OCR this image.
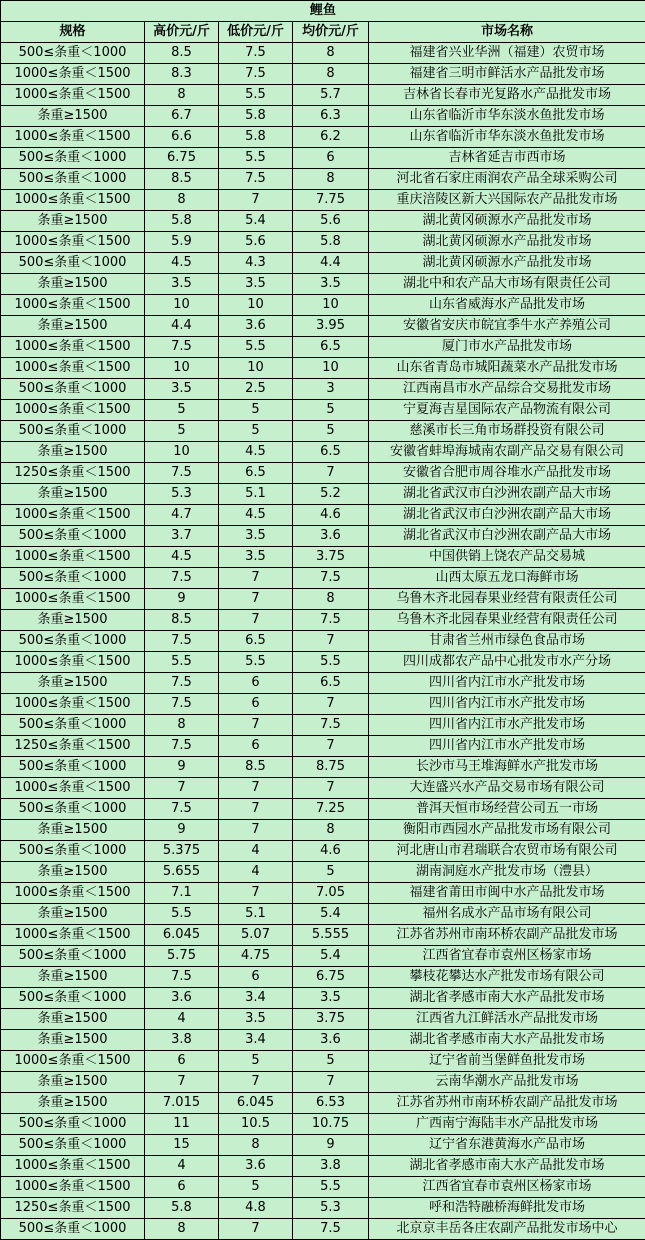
鲤鱼				
规格	高价元/斤	低价元/斤	均价元/斤	市场名称
500≤条重＜1000	8.5	7.5	8	福建省兴业华洲（福建）农贸市场
1000≤条重＜1500	8.3	7.5	8	福建省三明市鲜活水产品批发市场
1000≤条重＜1500	8	5.5	5.7	吉林省长春市光复路水产品批发市场
条重≥1500	6.7	5.8	6.3	山东省临沂市华东淡水鱼批发市场
1000≤条重＜1500	6.6	5.8	6.2	山东省临沂市华东淡水鱼批发市场
500≤条重＜1000	6.75	5.5	6	吉林省延吉市西市场
500≤条重＜1000	8.5	7.5	8	河北省石家庄雨润农产品全球采购公司
1000≤条重＜1500	8	7	7.75	重庆涪陵区新大兴国际农产品批发市场
条重≥1500	5.8	5.4	5.6	湖北黄冈硕源水产品批发市场
1000≤条重＜1500	5.9	5.6	5.8	湖北黄冈硕源水产品批发市场
500≤条重＜1000	4.5	4.3	4.4	湖北黄冈硕源水产品批发市场
条重≥1500	3.5	3.5	3.5	湖北中和农产品大市场有限责任公司
1000≤条重＜1500	10	10	10	山东省威海水产品批发市场
条重≥1500	4.4	3.6	3.95	安徽省安庆市皖宜季牛水产养殖公司
1000≤条重＜1500	7.5	5.5	6.5	厦门市水产品批发市场
1000≤条重＜1500	10	10	10	山东省青岛市城阳蔬菜水产品批发市场
500≤条重＜1000	3.5	2.5	3	江西南昌市水产品综合交易批发市场
1000≤条重＜1500	5	5	5	宁夏海吉星国际农产品物流有限公司
500≤条重＜1000	5	5	5	慈溪市长三角市场群投资有限公司
条重≥1500	10	4.5	6.5	安徽省蚌埠海城南农副产品交易有限公司
1250≤条重＜1500	7.5	6.5	7	安徽省合肥市周谷堆水产品批发市场
条重≥1500	5.3	5.1	5.2	湖北省武汉市白沙洲农副产品大市场
1000≤条重＜1500	4.7	4.5	4.6	湖北省武汉市白沙洲农副产品大市场
500≤条重＜1000	3.7	3.5	3.6	湖北省武汉市白沙洲农副产品大市场
1000≤条重＜1500	4.5	3.5	3.75	中国供销上饶农产品交易城
500≤条重＜1000	7.5	7	7.5	山西太原五龙口海鲜市场
1000≤条重＜1500	9	7	8	乌鲁木齐北园春果业经营有限责任公司
条重≥1500	8.5	7	7.5	乌鲁木齐北园春果业经营有限责任公司
500≤条重＜1000	7.5	6.5	7	甘肃省兰州市绿色食品市场
1000≤条重＜1500	5.5	5.5	5.5	四川成都农产品中心批发市水产分场
条重≥1500	7.5	6	6.5	四川省内江市水产批发市场
1000≤条重＜1500	7.5	6	7	四川省内江市水产批发市场
500≤条重＜1000	8	7	7.5	四川省内江市水产批发市场
1250≤条重＜1500	7.5	6	7	四川省内江市水产批发市场
500≤条重＜1000	9	8.5	8.75	长沙市马王堆海鲜水产批发市场
1000≤条重＜1500	7	7	7	大连盛兴水产品交易市场有限公司
500≤条重＜1000	7.5	7	7.25	普洱天恒市场经营公司五一市场
条重≥1500	9	7	8	衡阳市西园水产品批发市场有限公司
500≤条重＜1000	5.375	4	4.6	河北唐山市君瑞联合农贸市场有限公司
条重≥1500	5.655	4	5	湖南洞庭水产批发市场（澧县）
1000≤条重＜1500	7.1	7	7.05	福建省莆田市闽中水产品批发市场
条重≥1500	5.5	5.1	5.4	福州名成水产品市场有限公司
1000≤条重＜1500	6.045	5.07	5.555	江苏省苏州市南环桥农副产品批发市场
500≤条重＜1000	5.75	4.75	5.4	江西省宜春市袁州区杨家市场
条重≥1500	7.5	6	6.75	攀枝花攀达水产批发市场有限公司
500≤条重＜1000	3.6	3.4	3.5	湖北省孝感市南大水产品批发市场
条重≥1500	4	3.5	3.75	江西省九江鲜活水产品批发市场
条重≥1500	3.8	3.4	3.6	湖北省孝感市南大水产品批发市场
1000≤条重＜1500	6	5	5	辽宁省前当堡鲜鱼批发市场
条重≥1500	7	7	7	云南华潮水产品批发市场
条重≥1500	7.015	6.045	6.53	江苏省苏州市南环桥农副产品批发市场
500≤条重＜1000	11	10.5	10.75	广西南宁海陆丰水产品批发市场
500≤条重＜1000	15	8	9	辽宁省东港黄海水产品市场
1000≤条重＜1500	4	3.6	3.8	湖北省孝感市南大水产品批发市场
1000≤条重＜1500	6	5	5.5	江西省宜春市袁州区杨家市场
1250≤条重＜1500	5.8	4.8	5.3	呼和浩特融桥海鲜批发市场
500≤条重＜1000	8	7	7.5	北京京丰岳各庄农副产品批发市场中心
